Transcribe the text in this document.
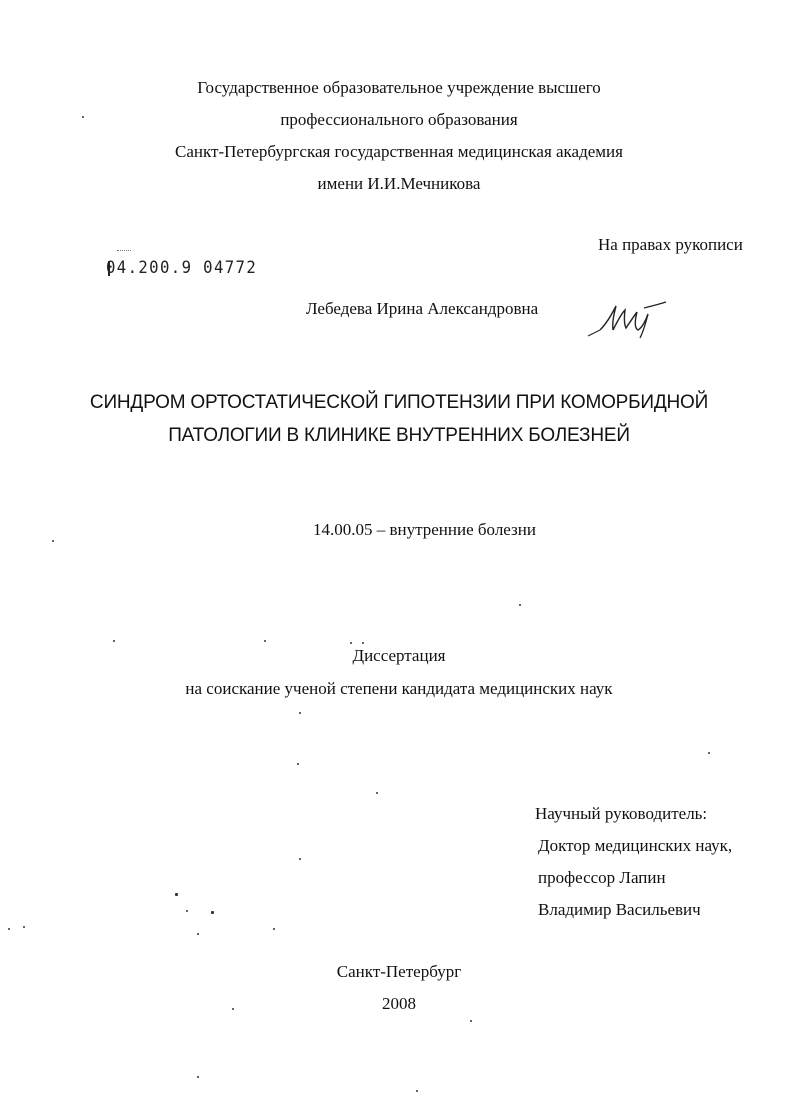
Государственное образовательное учреждение высшего
профессионального образования
Санкт-Петербургская государственная медицинская академия
имени И.И.Мечникова
На правах рукописи
04.200.9 04772
Лебедева Ирина Александровна
СИНДРОМ ОРТОСТАТИЧЕСКОЙ ГИПОТЕНЗИИ ПРИ КОМОРБИДНОЙ
ПАТОЛОГИИ В КЛИНИКЕ ВНУТРЕННИХ БОЛЕЗНЕЙ
14.00.05 – внутренние болезни
Диссертация
на соискание ученой степени кандидата медицинских наук
Научный руководитель:
Доктор медицинских наук,
профессор Лапин
Владимир Васильевич
Санкт-Петербург
2008
